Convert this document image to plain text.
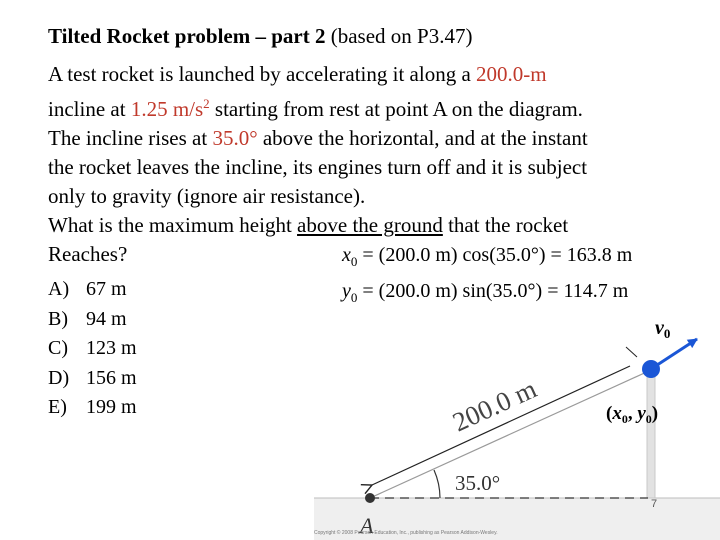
Tilted Rocket problem – part 2 (based on P3.47)

A test rocket is launched by accelerating it along a 200.0-m

incline at 1.25 $m/s^2$ starting from rest at point A on the diagram.

The incline rises at 35.0° above the horizontal, and at the instant

the rocket leaves the incline, its engines turn off and it is subject

only to gravity (ignore air resistance).

What is the maximum height above the ground that the rocket

Reaches?	$x_0 = (200.0$ m) cos(35.0°) = 163.8 m
$y_0 = (200.0$ m) sin(35.0°) = 114.7 m
A) 67 m
B) 94 m
C) 123 m
D) 156 m
E) 199 m	200.0 m
35.0°
A
$v_0$
($x_0$, $y_0$)
7
Copyright © 2008 Pearson Education, Inc., publishing as Pearson Addison-Wesley.
